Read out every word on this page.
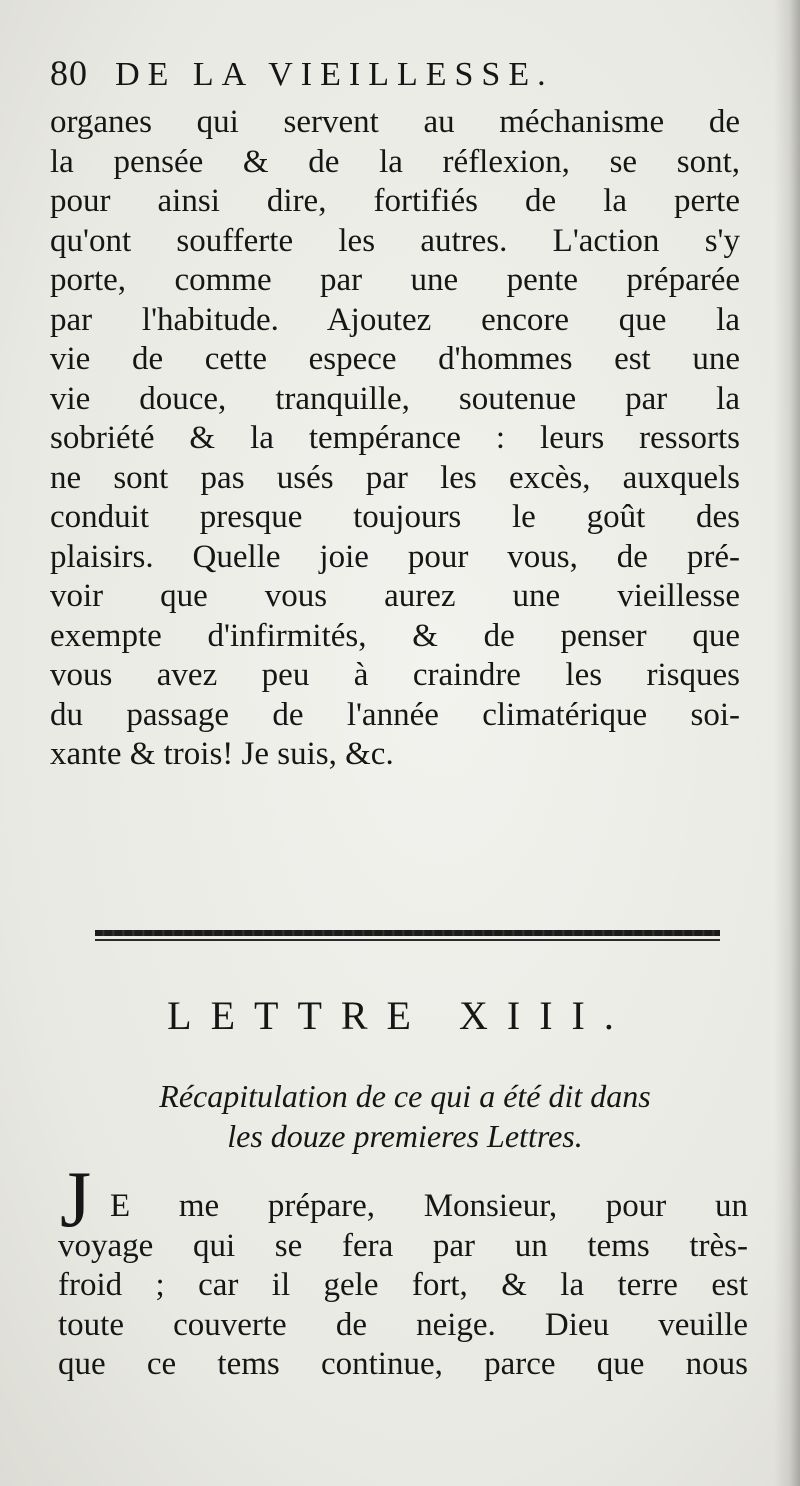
80 DE LA VIEILLESSE.

organes qui servent au méchanisme de
la pensée & de la réflexion, se sont,
pour ainsi dire, fortifiés de la perte
qu'ont soufferte les autres. L'action s'y
porte, comme par une pente préparée
par l'habitude. Ajoutez encore que la
vie de cette espece d'hommes est une
vie douce, tranquille, soutenue par la
sobriété & la tempérance : leurs ressorts
ne sont pas usés par les excès, auxquels
conduit presque toujours le goût des
plaisirs. Quelle joie pour vous, de pré-
voir que vous aurez une vieillesse
exempte d'infirmités, & de penser que
vous avez peu à craindre les risques
du passage de l'année climatérique soi-
xante & trois! Je suis, &c.

LETTRE XIII.

Récapitulation de ce qui a été dit dans
les douze premieres Lettres.

J E me prépare, Monsieur, pour un
voyage qui se fera par un tems très-
froid ; car il gele fort, & la terre est
toute couverte de neige. Dieu veuille
que ce tems continue, parce que nous
